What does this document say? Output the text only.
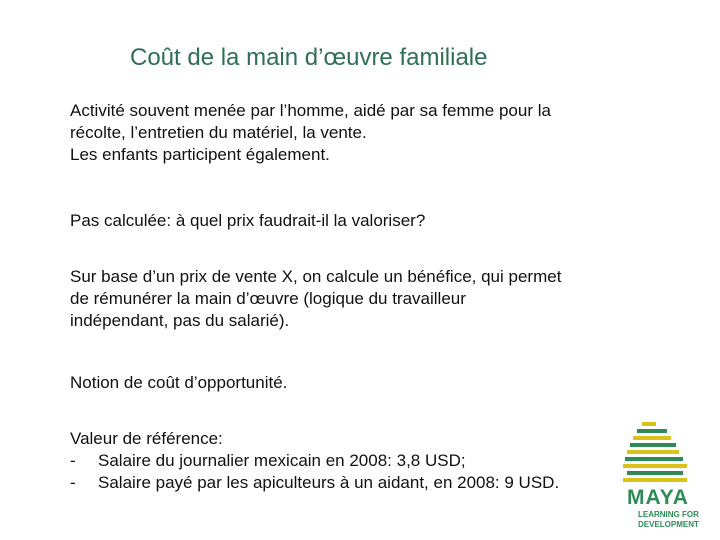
Coût de la main d’œuvre familiale

Activité souvent menée par l’homme, aidé par sa femme pour la

récolte, l’entretien du matériel, la vente.

Les enfants participent également.

Pas calculée: à quel prix faudrait-il la valoriser?

Sur base d’un prix de vente X, on calcule un bénéfice, qui permet

de rémunérer la main d’œuvre (logique du travailleur

indépendant, pas du salarié).

Notion de coût d’opportunité.

Valeur de référence:

-	Salaire du journalier mexicain en 2008: 3,8 USD;
-	Salaire payé par les apiculteurs à un aidant, en 2008: 9 USD.
MAYA
LEARNING FOR DEVELOPMENT
